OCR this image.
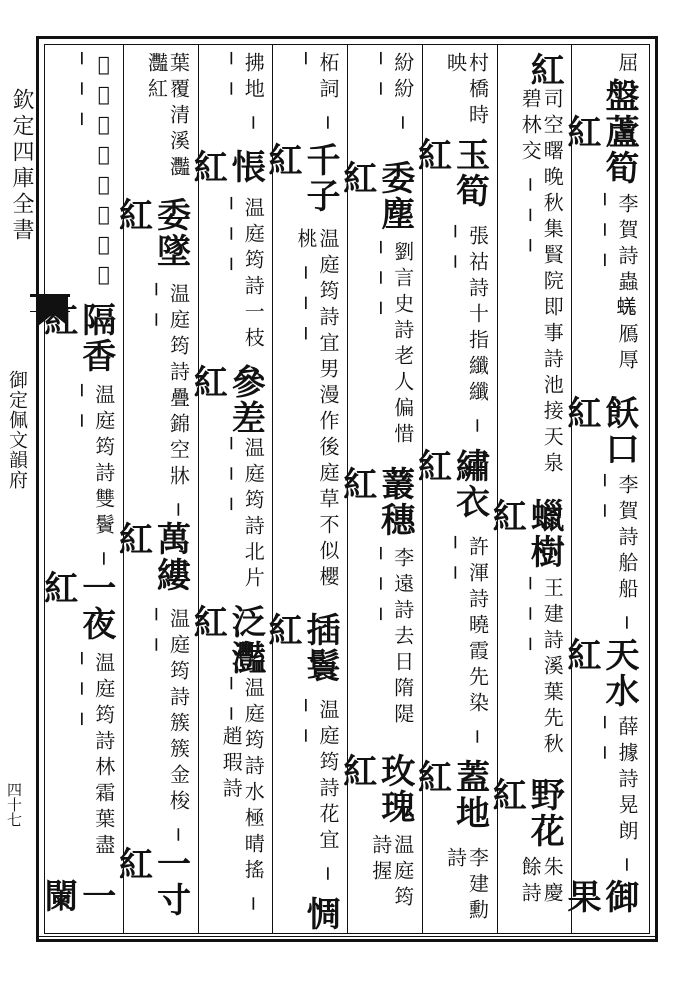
欽定四庫全書
御定佩文韻府
四十七
屈
盤
蘆筍紅
李賀詩蟲𧏙鴈㕌 ─ ─ ─
飫口紅
李賀詩䑪船 ─ ─ ─
天水紅
薛據詩晃朗 ─ ─ ─
御果
紅
司空曙晚秋集賢院即事詩池接天泉碧林交 ─ ─ ─
蠟樹紅
王建詩溪葉先秋 ─ ─ ─
野花紅
朱慶餘詩
村橋時映
玉筍紅
張祜詩十指纖纖 ─ ─ ─
繡衣紅
許渾詩曉霞先染 ─ ─ ─
蓋地紅
李建勳詩
紛紛 ─ ─ ─
委塵紅
劉言史詩老人偏惜 ─ ─ ─
䕺穗紅
李遠詩去日隋隄 ─ ─ ─
玫瑰紅
温庭筠詩握
柘詞 ─ ─
千子紅
温庭筠詩宜男漫作後庭草不似櫻桃 ─ ─ ─
插鬟紅
温庭筠詩花宜 ─ ─ ─
惆
拂地 ─ ─ ─
悵紅
温庭筠詩一枝 ─ ─ ─
參差紅
温庭筠詩北片 ─ ─ ─
泛灩紅
温庭筠詩水極晴搖 ─ ─ ─趙瑕詩
葉覆清溪灩灩紅
委墜紅
温庭筠詩疊錦空牀 ─ ─ ─
萬縷紅
温庭筠詩簇簇金梭 ─ ─ ─
一寸紅
𥚁庭筠詩蠟燭猶殘 ─ ─ ─
隔香紅
温庭筠詩雙鬢 ─ ─ ─
一夜紅
温庭筠詩林霜葉盡 ─ ─ ─
一闌
